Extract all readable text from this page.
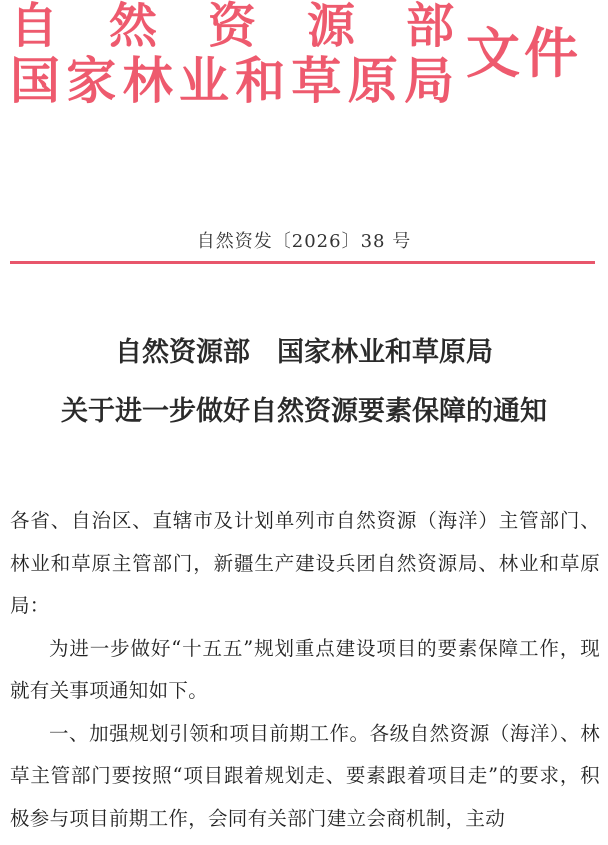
自 然 资 源 部
国 家 林 业 和 草 原 局 文件
自然资发〔2026〕38 号
自然资源部　国家林业和草原局
关于进一步做好自然资源要素保障的通知

各省、自治区、直辖市及计划单列市自然资源（海洋）主管部门、林业和草原主管部门，新疆生产建设兵团自然资源局、林业和草原局：

为进一步做好“十五五”规划重点建设项目的要素保障工作，现就有关事项通知如下。

一、加强规划引领和项目前期工作。各级自然资源（海洋）、林草主管部门要按照“项目跟着规划走、要素跟着项目走”的要求，积极参与项目前期工作，会同有关部门建立会商机制，主动
